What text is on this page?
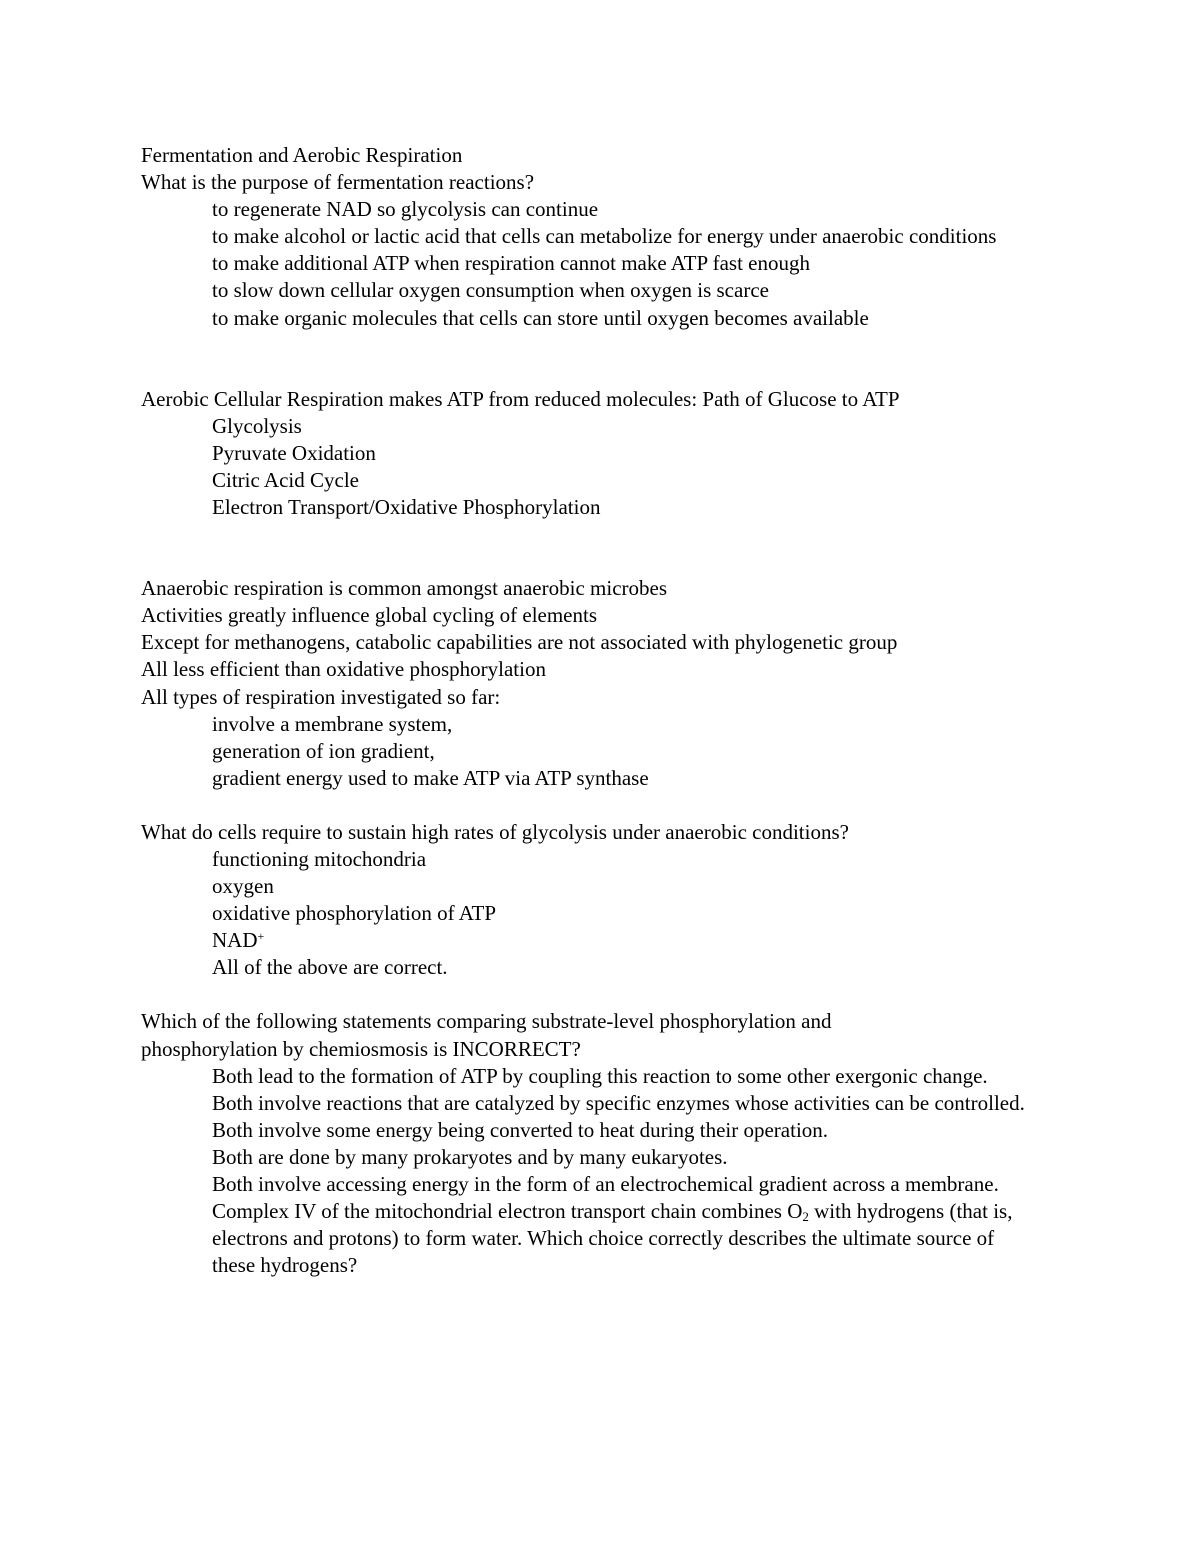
Fermentation and Aerobic Respiration

What is the purpose of fermentation reactions?

to regenerate NAD so glycolysis can continue

to make alcohol or lactic acid that cells can metabolize for energy under anaerobic conditions

to make additional ATP when respiration cannot make ATP fast enough

to slow down cellular oxygen consumption when oxygen is scarce

to make organic molecules that cells can store until oxygen becomes available

Aerobic Cellular Respiration makes ATP from reduced molecules: Path of Glucose to ATP

Glycolysis

Pyruvate Oxidation

Citric Acid Cycle

Electron Transport/Oxidative Phosphorylation

Anaerobic respiration is common amongst anaerobic microbes

Activities greatly influence global cycling of elements

Except for methanogens, catabolic capabilities are not associated with phylogenetic group

All less efficient than oxidative phosphorylation

All types of respiration investigated so far:

involve a membrane system,

generation of ion gradient,

gradient energy used to make ATP via ATP synthase

What do cells require to sustain high rates of glycolysis under anaerobic conditions?

functioning mitochondria

oxygen

oxidative phosphorylation of ATP

NAD+

All of the above are correct.

Which of the following statements comparing substrate-level phosphorylation and phosphorylation by chemiosmosis is INCORRECT?

Both lead to the formation of ATP by coupling this reaction to some other exergonic change.

Both involve reactions that are catalyzed by specific enzymes whose activities can be controlled.

Both involve some energy being converted to heat during their operation.

Both are done by many prokaryotes and by many eukaryotes.

Both involve accessing energy in the form of an electrochemical gradient across a membrane.

Complex IV of the mitochondrial electron transport chain combines $O_2$ with hydrogens (that is, electrons and protons) to form water. Which choice correctly describes the ultimate source of these hydrogens?
